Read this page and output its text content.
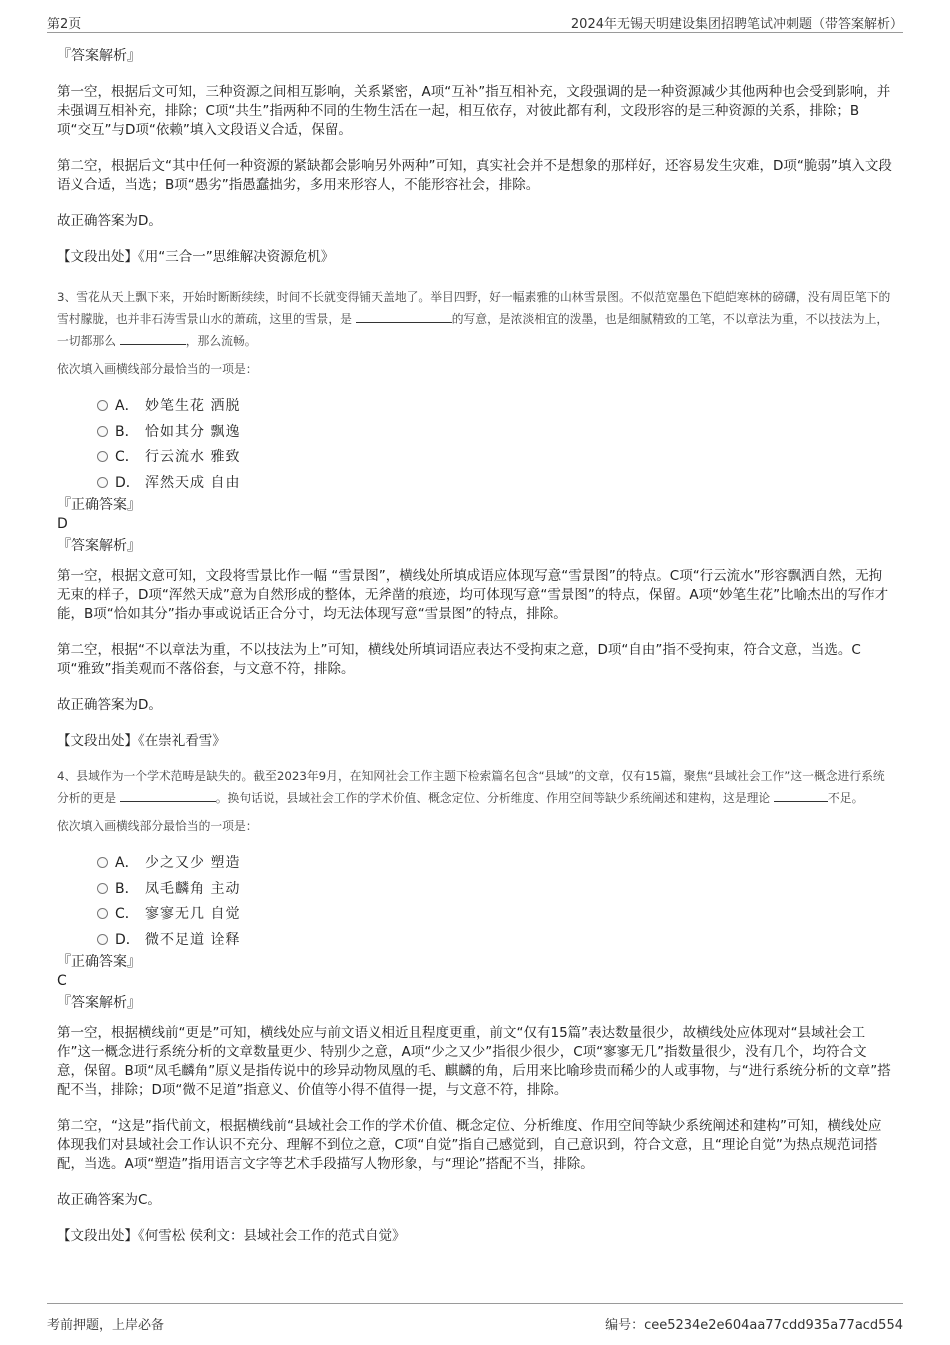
第2页	2024年无锡天明建设集团招聘笔试冲刺题（带答案解析）

『答案解析』

第一空，根据后文可知，三种资源之间相互影响，关系紧密，A项“互补”指互相补充，文段强调的是一种资源减少其他两种也会受到影响，并未强调互相补充，排除；C项“共生”指两种不同的生物生活在一起，相互依存，对彼此都有利，文段形容的是三种资源的关系，排除；B项“交互”与D项“依赖”填入文段语义合适，保留。

第二空，根据后文“其中任何一种资源的紧缺都会影响另外两种”可知，真实社会并不是想象的那样好，还容易发生灾难，D项“脆弱”填入文段语义合适，当选；B项“愚劣”指愚蠢拙劣，多用来形容人，不能形容社会，排除。

故正确答案为D。

【文段出处】《用“三合一”思维解决资源危机》

3、雪花从天上飘下来，开始时断断续续，时间不长就变得铺天盖地了。举目四野，好一幅素雅的山林雪景图。不似范宽墨色下皑皑寒林的磅礴，没有周臣笔下的雪村朦胧，也并非石涛雪景山水的萧疏，这里的雪景，是	的写意，是浓淡相宜的泼墨，也是细腻精致的工笔，不以章法为重，不以技法为上，一切都那么	，那么流畅。

依次填入画横线部分最恰当的一项是：

A． 妙笔生花 洒脱
B． 恰如其分 飘逸
C． 行云流水 雅致
D． 浑然天成 自由

『正确答案』

D

『答案解析』

第一空，根据文意可知，文段将雪景比作一幅 “雪景图”，横线处所填成语应体现写意“雪景图”的特点。C项“行云流水”形容飘洒自然，无拘无束的样子，D项“浑然天成”意为自然形成的整体，无斧凿的痕迹，均可体现写意“雪景图”的特点，保留。A项“妙笔生花”比喻杰出的写作才能，B项“恰如其分”指办事或说话正合分寸，均无法体现写意“雪景图”的特点，排除。

第二空，根据“不以章法为重，不以技法为上”可知，横线处所填词语应表达不受拘束之意，D项“自由”指不受拘束，符合文意，当选。C项“雅致”指美观而不落俗套，与文意不符，排除。

故正确答案为D。

【文段出处】《在崇礼看雪》

4、县域作为一个学术范畴是缺失的。截至2023年9月，在知网社会工作主题下检索篇名包含“县域”的文章，仅有15篇，聚焦“县域社会工作”这一概念进行系统分析的更是	。换句话说，县域社会工作的学术价值、概念定位、分析维度、作用空间等缺少系统阐述和建构，这是理论	不足。

依次填入画横线部分最恰当的一项是：

A． 少之又少 塑造
B． 凤毛麟角 主动
C． 寥寥无几 自觉
D． 微不足道 诠释

『正确答案』

C

『答案解析』

第一空，根据横线前“更是”可知，横线处应与前文语义相近且程度更重，前文“仅有15篇”表达数量很少，故横线处应体现对“县域社会工作”这一概念进行系统分析的文章数量更少、特别少之意，A项“少之又少”指很少很少，C项“寥寥无几”指数量很少，没有几个，均符合文意，保留。B项“凤毛麟角”原义是指传说中的珍异动物凤凰的毛、麒麟的角，后用来比喻珍贵而稀少的人或事物，与“进行系统分析的文章”搭配不当，排除；D项“微不足道”指意义、价值等小得不值得一提，与文意不符，排除。

第二空，“这是”指代前文，根据横线前“县域社会工作的学术价值、概念定位、分析维度、作用空间等缺少系统阐述和建构”可知，横线处应体现我们对县域社会工作认识不充分、理解不到位之意，C项“自觉”指自己感觉到，自己意识到，符合文意，且“理论自觉”为热点规范词搭配，当选。A项“塑造”指用语言文字等艺术手段描写人物形象，与“理论”搭配不当，排除。

故正确答案为C。

【文段出处】《何雪松 侯利文：县域社会工作的范式自觉》

考前押题，上岸必备	编号：cee5234e2e604aa77cdd935a77acd554
